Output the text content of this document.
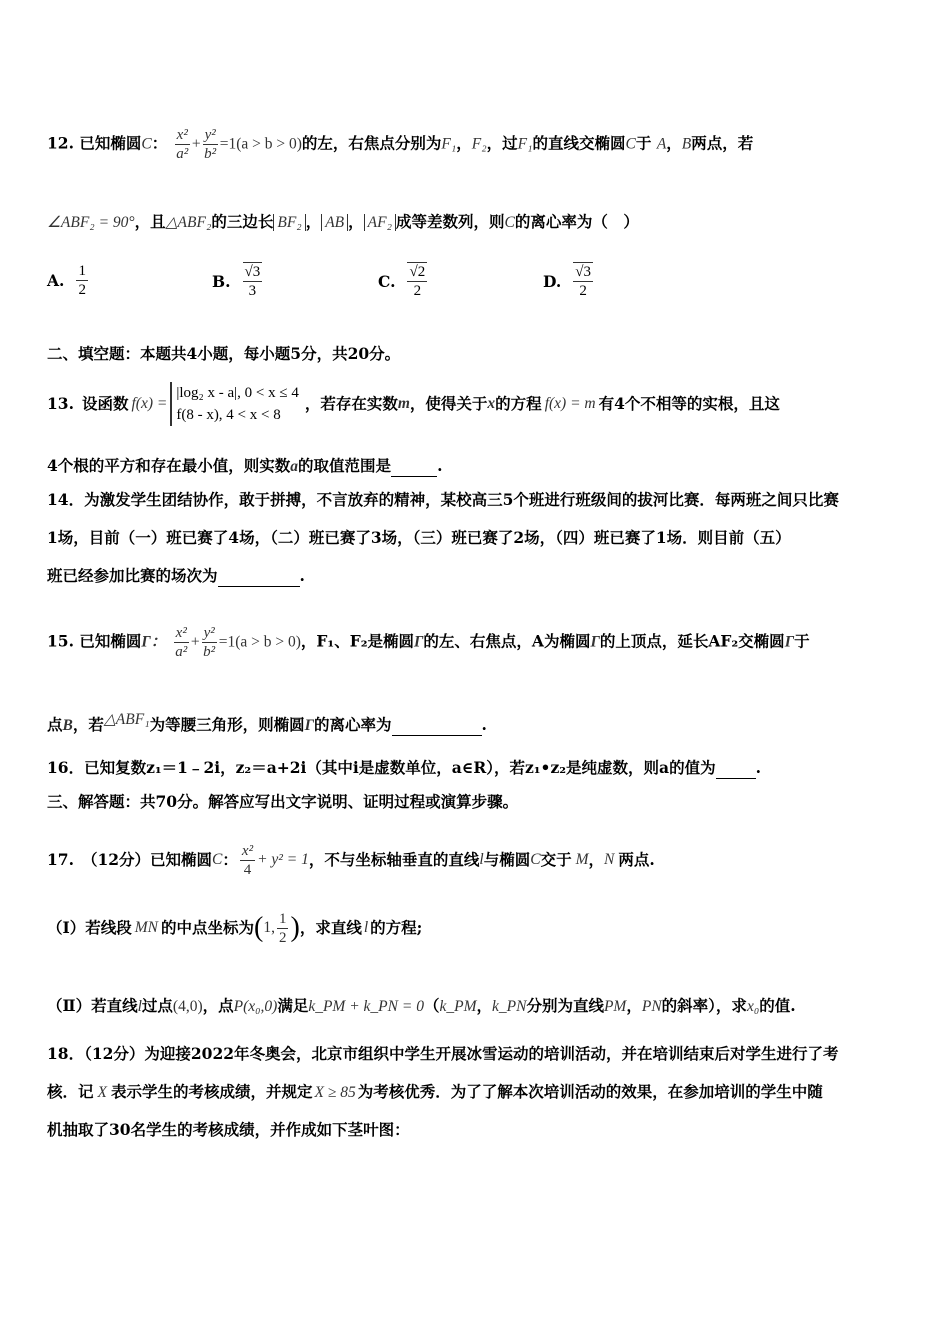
12. 已知椭圆C： $\frac{\text{x²}}{\text{a²}} + \frac{\text{y²}}{\text{b²}} =1(a > b > 0)$的左，右焦点分别为F₁，F₂，过F₁的直线交椭圆C于 A，B两点，若
∠ABF₂ = 90°，且△ABF₂的三边长 BF₂ ， AB ， AF₂ 成等差数列，则C的离心率为（　）
A. $\frac{1}{2}$	B. $\frac{√3}{3}$	C. $\frac{√2}{2}$	D. $\frac{√3}{2}$
二、填空题：本题共4小题，每小题5分，共20分。
13. 设函数 f(x) =
|log₂ x - a|, 0 < x ≤ 4
f(8 - x), 4 < x < 8
，若存在实数 m ，使得关于 x 的方程 f(x) = m 有4个不相等的实根，且这
4个根的平方和存在最小值，则实数a的取值范围是	.
14．为激发学生团结协作，敢于拼搏，不言放弃的精神，某校高三5个班进行班级间的拔河比赛．每两班之间只比赛
1场，目前（一）班已赛了4场，（二）班已赛了3场，（三）班已赛了2场，（四）班已赛了1场．则目前（五）
班已经参加比赛的场次为	.
15. 已知椭圆Γ： $\frac{\text{x²}}{\text{a²}} + \frac{\text{y²}}{\text{b²}} =1(a > b > 0)$，F₁、F₂是椭圆Γ的左、右焦点，A为椭圆Γ的上顶点，延长AF₂交椭圆Γ于
点B，若△ABF₁为等腰三角形，则椭圆Γ的离心率为	.
16．已知复数z₁＝1﹣2i，z₂＝a+2i（其中i是虚数单位，a∈R），若z₁•z₂是纯虚数，则a的值为	.
三、解答题：共70分。解答应写出文字说明、证明过程或演算步骤。
17. （12分）已知椭圆 C ： $\frac{\text{x²}}{4} + y^2 = 1$ ，不与坐标轴垂直的直线 l 与椭圆 C 交于 M ， N 两点.
（Ⅰ）若线段 MN 的中点坐标为 ( 1, $\frac{1}{2}$ ) ，求直线 l 的方程;
（Ⅱ）若直线l过点(4,0)，点P(x₀,0)满足k_PM + k_PN = 0（k_PM，k_PN分别为直线PM，PN的斜率），求x₀的值.
18．（12分）为迎接2022年冬奥会，北京市组织中学生开展冰雪运动的培训活动，并在培训结束后对学生进行了考
核．记 X 表示学生的考核成绩，并规定 X ≥ 85 为考核优秀．为了了解本次培训活动的效果，在参加培训的学生中随
机抽取了30名学生的考核成绩，并作成如下茎叶图：
